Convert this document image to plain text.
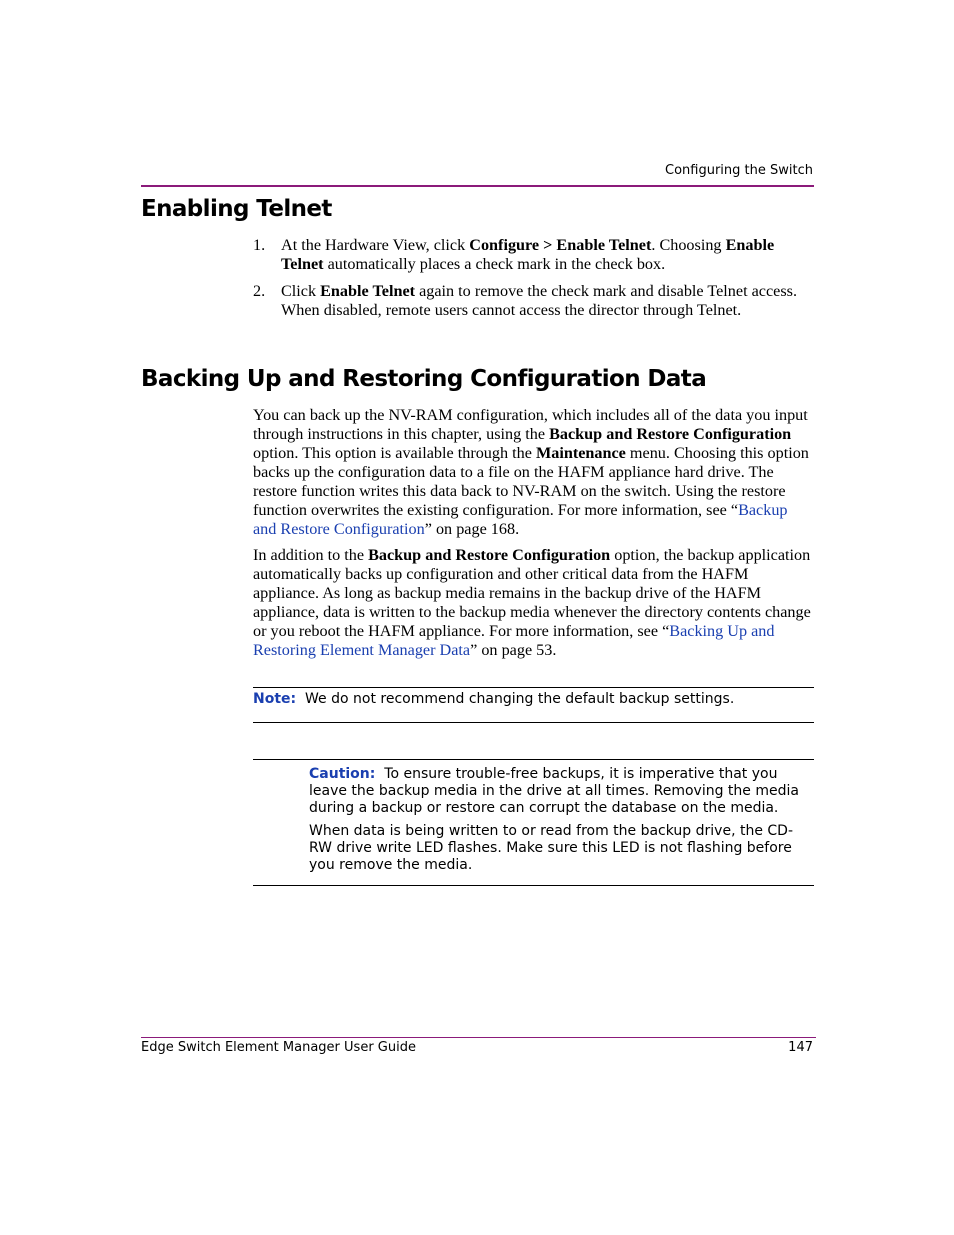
Configuring the Switch
Enabling Telnet
1. At the Hardware View, click Configure > Enable Telnet. Choosing Enable Telnet automatically places a check mark in the check box.
2. Click Enable Telnet again to remove the check mark and disable Telnet access. When disabled, remote users cannot access the director through Telnet.
Backing Up and Restoring Configuration Data

You can back up the NV-RAM configuration, which includes all of the data you input through instructions in this chapter, using the Backup and Restore Configuration option. This option is available through the Maintenance menu. Choosing this option backs up the configuration data to a file on the HAFM appliance hard drive. The restore function writes this data back to NV-RAM on the switch. Using the restore function overwrites the existing configuration. For more information, see “Backup and Restore Configuration” on page 168.

In addition to the Backup and Restore Configuration option, the backup application automatically backs up configuration and other critical data from the HAFM appliance. As long as backup media remains in the backup drive of the HAFM appliance, data is written to the backup media whenever the directory contents change or you reboot the HAFM appliance. For more information, see “Backing Up and Restoring Element Manager Data” on page 53.

Note: We do not recommend changing the default backup settings.

Caution: To ensure trouble-free backups, it is imperative that you leave the backup media in the drive at all times. Removing the media during a backup or restore can corrupt the database on the media.

When data is being written to or read from the backup drive, the CD-RW drive write LED flashes. Make sure this LED is not flashing before you remove the media.

Edge Switch Element Manager User Guide	147
